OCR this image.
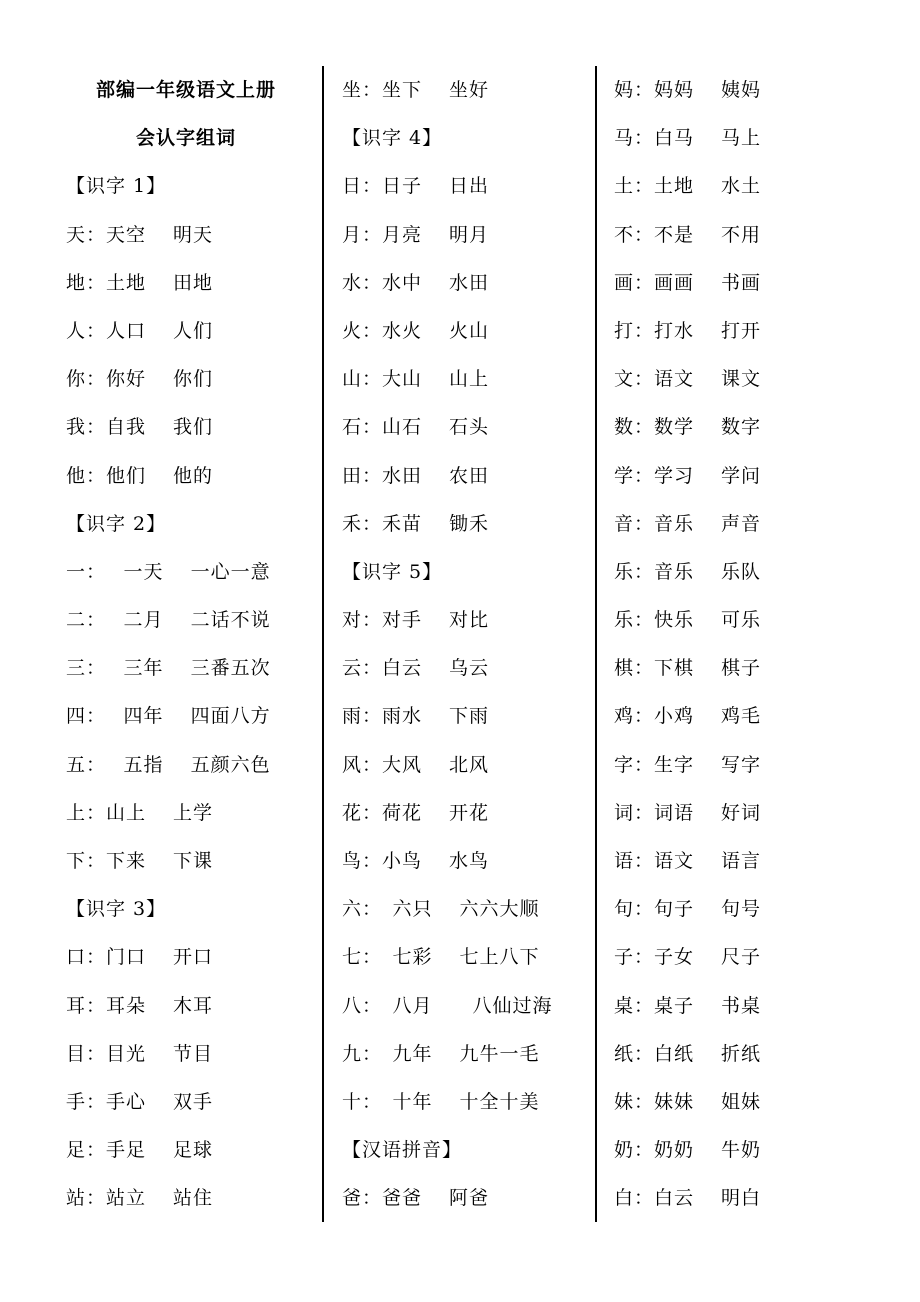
部编一年级语文上册
会认字组词
【识字 1】
天：天空　 明天
地：土地　 田地
人：人口　 人们
你：你好　 你们
我：自我　 我们
他：他们　 他的
【识字 2】
一：　 一天　 一心一意
二：　 二月　 二话不说
三：　 三年　 三番五次
四：　 四年　 四面八方
五：　 五指　 五颜六色
上：山上　 上学
下：下来　 下课
【识字 3】
口：门口　 开口
耳：耳朵　 木耳
目：目光　 节目
手：手心　 双手
足：手足　 足球
站：站立　 站住
坐：坐下　 坐好
【识字 4】
日：日子　 日出
月：月亮　 明月
水：水中　 水田
火：水火　 火山
山：大山　 山上
石：山石　 石头
田：水田　 农田
禾：禾苗　 锄禾
【识字 5】
对：对手　 对比
云：白云　 乌云
雨：雨水　 下雨
风：大风　 北风
花：荷花　 开花
鸟：小鸟　 水鸟
六：　六只　 六六大顺
七：　七彩　 七上八下
八：　八月　　八仙过海
九：　九年　 九牛一毛
十：　十年　 十全十美
【汉语拼音】
爸：爸爸　 阿爸
妈：妈妈　 姨妈
马：白马　 马上
土：土地　 水土
不：不是　 不用
画：画画　 书画
打：打水　 打开
文：语文　 课文
数：数学　 数字
学：学习　 学问
音：音乐　 声音
乐：音乐　 乐队
乐：快乐　 可乐
棋：下棋　 棋子
鸡：小鸡　 鸡毛
字：生字　 写字
词：词语　 好词
语：语文　 语言
句：句子　 句号
子：子女　 尺子
桌：桌子　 书桌
纸：白纸　 折纸
妹：妹妹　 姐妹
奶：奶奶　 牛奶
白：白云　 明白
